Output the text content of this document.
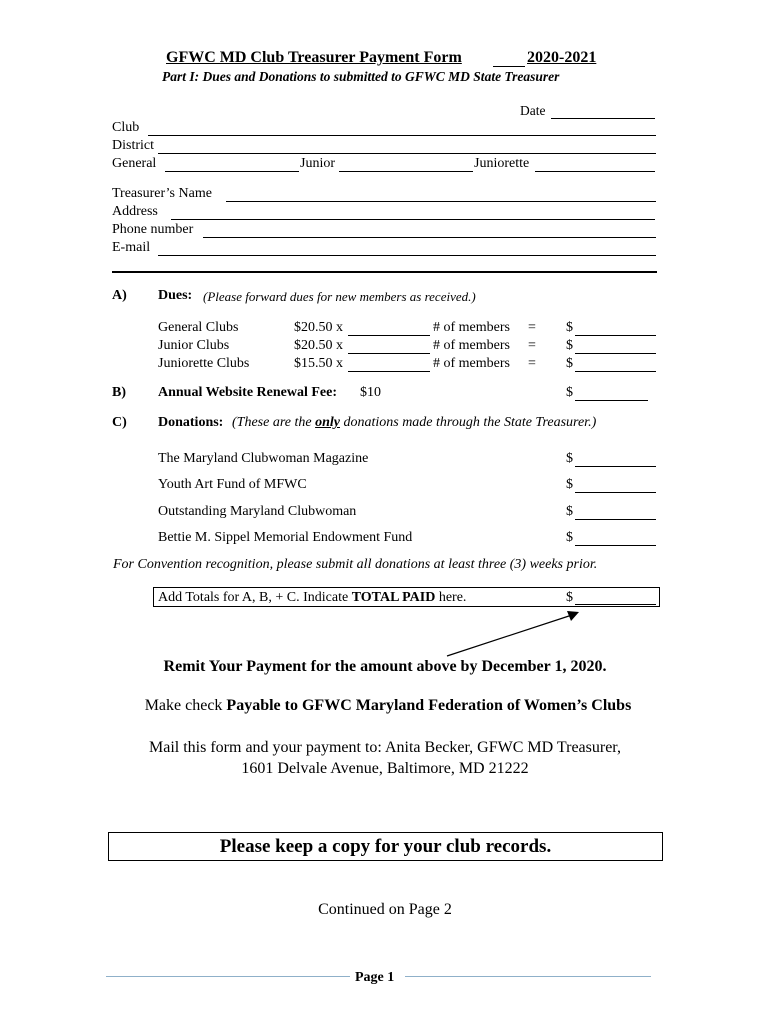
GFWC MD Club Treasurer Payment Form	2020-2021
Part I: Dues and Donations to submitted to GFWC MD State Treasurer
Date
Club
District
General	Junior	Juniorette
Treasurer’s Name
Address
Phone number
E-mail
A) Dues: (Please forward dues for new members as received.)
General Clubs	$20.50 x	# of members = $
Junior Clubs	$20.50 x	# of members = $
Juniorette Clubs	$15.50 x	# of members = $
B) Annual Website Renewal Fee: $10	$
C) Donations: (These are the only donations made through the State Treasurer.)
The Maryland Clubwoman Magazine	$
Youth Art Fund of MFWC	$
Outstanding Maryland Clubwoman	$
Bettie M. Sippel Memorial Endowment Fund	$
For Convention recognition, please submit all donations at least three (3) weeks prior.
Add Totals for A, B, + C. Indicate TOTAL PAID here.	$
Remit Your Payment for the amount above by December 1, 2020.
Make check Payable to GFWC Maryland Federation of Women’s Clubs
Mail this form and your payment to: Anita Becker, GFWC MD Treasurer,
1601 Delvale Avenue, Baltimore, MD 21222
Please keep a copy for your club records.
Continued on Page 2
Page 1
